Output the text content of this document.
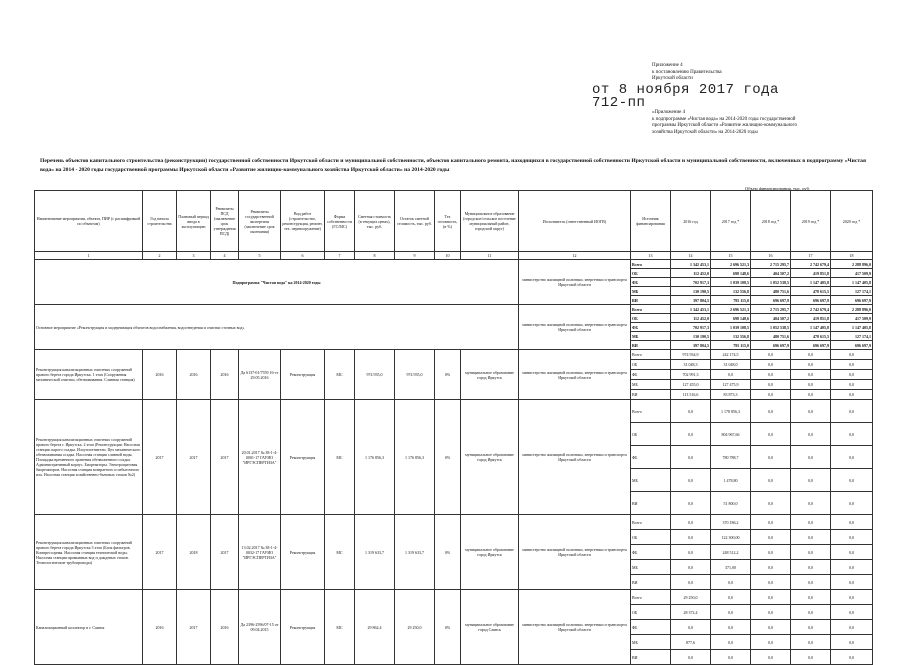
Приложение 4
к постановлению Правительства
Иркутской области
от 8 ноября 2017 года
712-пп
«Приложение 4
к подпрограмме «Чистая вода» на 2014-2020 годы государственной
программы Иркутской области «Развитие жилищно-коммунального
хозяйства Иркутской области» на 2014-2020 годы
Перечень объектов капитального строительства (реконструкции) государственной собственности Иркутской области и муниципальной собственности, объектов капитального ремонта, находящихся в государственной собственности Иркутской области и муниципальной собственности, включенных в подпрограмму «Чистая вода» на 2014 - 2020 годы государственной программы Иркутской области «Развитие жилищно-коммунального хозяйства Иркутской области» на 2014-2020 годы
Объем финансирования, тыс. руб.
Наименование мероприятия, объекта, ПИР (с расшифровкой по объектам)	Год начала строительства	Плановый период ввода в эксплуатацию	Реквизиты ПСД (заключение срок утверждения ПСД)	Реквизиты государственной экспертизы (заключение срок окончания)	Вид работ (строительство, реконструкция, ремонт, тех. перевооружение)	Форма собственности (ГС/МС)	Сметная стоимость (в текущих ценах), тыс. руб.	Остаток сметной стоимость, тыс. руб.	Тех готовность, (в %)	Муниципальное образование (городское/сельское поселение муниципальный район, городской округ)	Исполнитель (ответственный ИОГВ)	Источник финансирования	2016 год	2017 год *	2018 год *	2019 год *	2020 год *
1	2	3	4	5	6	7	8	9	10	11	12	13	14	15	16	17	18
Подпрограмма "Чистая вода" на 2014-2020 годы											министерство жилищной политики, энергетики и транспорта Иркутской области	Всего	1 342 453,1	2 696 521,3	2 715 295,7	2 742 679,4	2 288 896,0
												ОБ	112 452,0	698 148,6	404 507,2	419 851,8	417 509,9
												ФБ	702 917,3	1 039 108,5	1 052 538,5	1 147 405,8	1 147 405,8
												МБ	130 190,5	132 556,8	480 751,6	478 615,5	127 174,1
												ВИ	397 804,5	795 115,0	696 697,9	696 697,9	696 697,9
Основное мероприятие «Реконструкция и модернизация объектов водоснабжения, водоотведения и очистки сточных вод»											министерство жилищной политики, энергетики и транспорта Иркутской области	Всего	1 342 453,1	2 696 521,3	2 715 295,7	2 742 679,4	2 288 896,0
												ОБ	112 452,0	698 148,6	404 507,2	419 851,8	417 509,9
												ФБ	702 917,3	1 039 108,5	1 052 538,5	1 147 405,8	1 147 405,8
												МБ	130 190,5	132 556,8	480 751,6	478 615,5	127 174,1
												ВИ	397 804,5	795 115,0	696 697,9	696 697,9	696 697,9
Реконструкция канализационных очистных сооружений правого берега города Иркутска. 1 этап (Сооружения механической очистки, обезвоживания. Сливная станция)	2016	2016	2016	Да 6137-01/7559 16-ст 29.05.2016	Реконструкция	МС	974 935,0	974 935,0	0%	муниципальное образование город Иркутск	министерство жилищной политики, энергетики и транспорта Иркутской области	Всего	974 934,9	242 174,5	0,0	0,0	0,0
												ОБ	31 048,3	31 048,0	0,0	0,0	0,0
												ФБ	702 991,3	0,0	0,0	0,0	0,0
												МБ	127 455,0	127 475,9	0,0	0,0	0,0
												ВИ	113 516,6	83 873,3	0,0	0,0	0,0
Реконструкция канализационных очистных сооружений правого берега г. Иркутска. 2 этап (Реконструкция: Насосная станция сырого осадка. Илоуплотнители. Цех механического обезвоживания осадка. Насосная станция сливной воды. Площадка временного хранения обезвоженного осадка. Административный корпус. Биореакторы. Электрощитовая биореакторов. Насосная станция возвратного и избыточного ила. Насосная станция хозяйственно-бытовых стоков №2)	2017	2017	2017	20.01.2017 № 38-1-4-0001-17 ГАУИО "ИРГЭСПЕРТИЗА"	Реконструкция	МС	1 176 856,3	1 176 856,3	0%	муниципальное образование город Иркутск	министерство жилищной политики, энергетики и транспорта Иркутской области	Всего	0,0	1 178 856,3	0,0	0,0	0,0
												ОБ	0,0	804 967,66	0,0	0,0	0,0
												ФБ	0,0	780 788,7	0,0	0,0	0,0
												МБ	0,0	1 478,80	0,0	0,0	0,0
												ВИ	0,0	51 800,0	0,0	0,0	0,0
Реконструкция канализационных очистных сооружений правого берега города Иркутска 3 этап (Блок фильтров. Компрессорная. Насосная станция технической воды. Насосная станция промывных вод и дождевых стоков. Технологические трубопроводы)	2017	2018	2017	13.02.2017 № 38-1-4-0032-17 ГАУИО "ИРГЭСПЕРТИЗА"	Реконструкция	МС	1 319 633,7	1 319 633,7	0%	муниципальное образование город Иркутск	министерство жилищной политики, энергетики и транспорта Иркутской области	Всего	0,0	370 186,2	0,0	0,0	0,0
												ОБ	0,0	122 300,00	0,0	0,0	0,0
												ФБ	0,0	248 512,2	0,0	0,0	0,0
												МБ	0,0	371,00	0,0	0,0	0,0
												ВИ	0,0	0,0	0,0	0,0	0,0
Канализационный коллектор в г. Саянск	2016	2017	2016	Да 2396-2596/07-15 от 09.04.2015	Реконструкция	МС	29 862,4	29 250,0	0%	муниципальное образование город Саянск	министерство жилищной политики, энергетики и транспорта Иркутской области	Всего	29 250,0	0,0	0,0	0,0	0,0
												ОБ	28 372,4	0,0	0,0	0,0	0,0
												ФБ	0,0	0,0	0,0	0,0	0,0
												МБ	877,6	0,0	0,0	0,0	0,0
												ВИ	0,0	0,0	0,0	0,0	0,0
